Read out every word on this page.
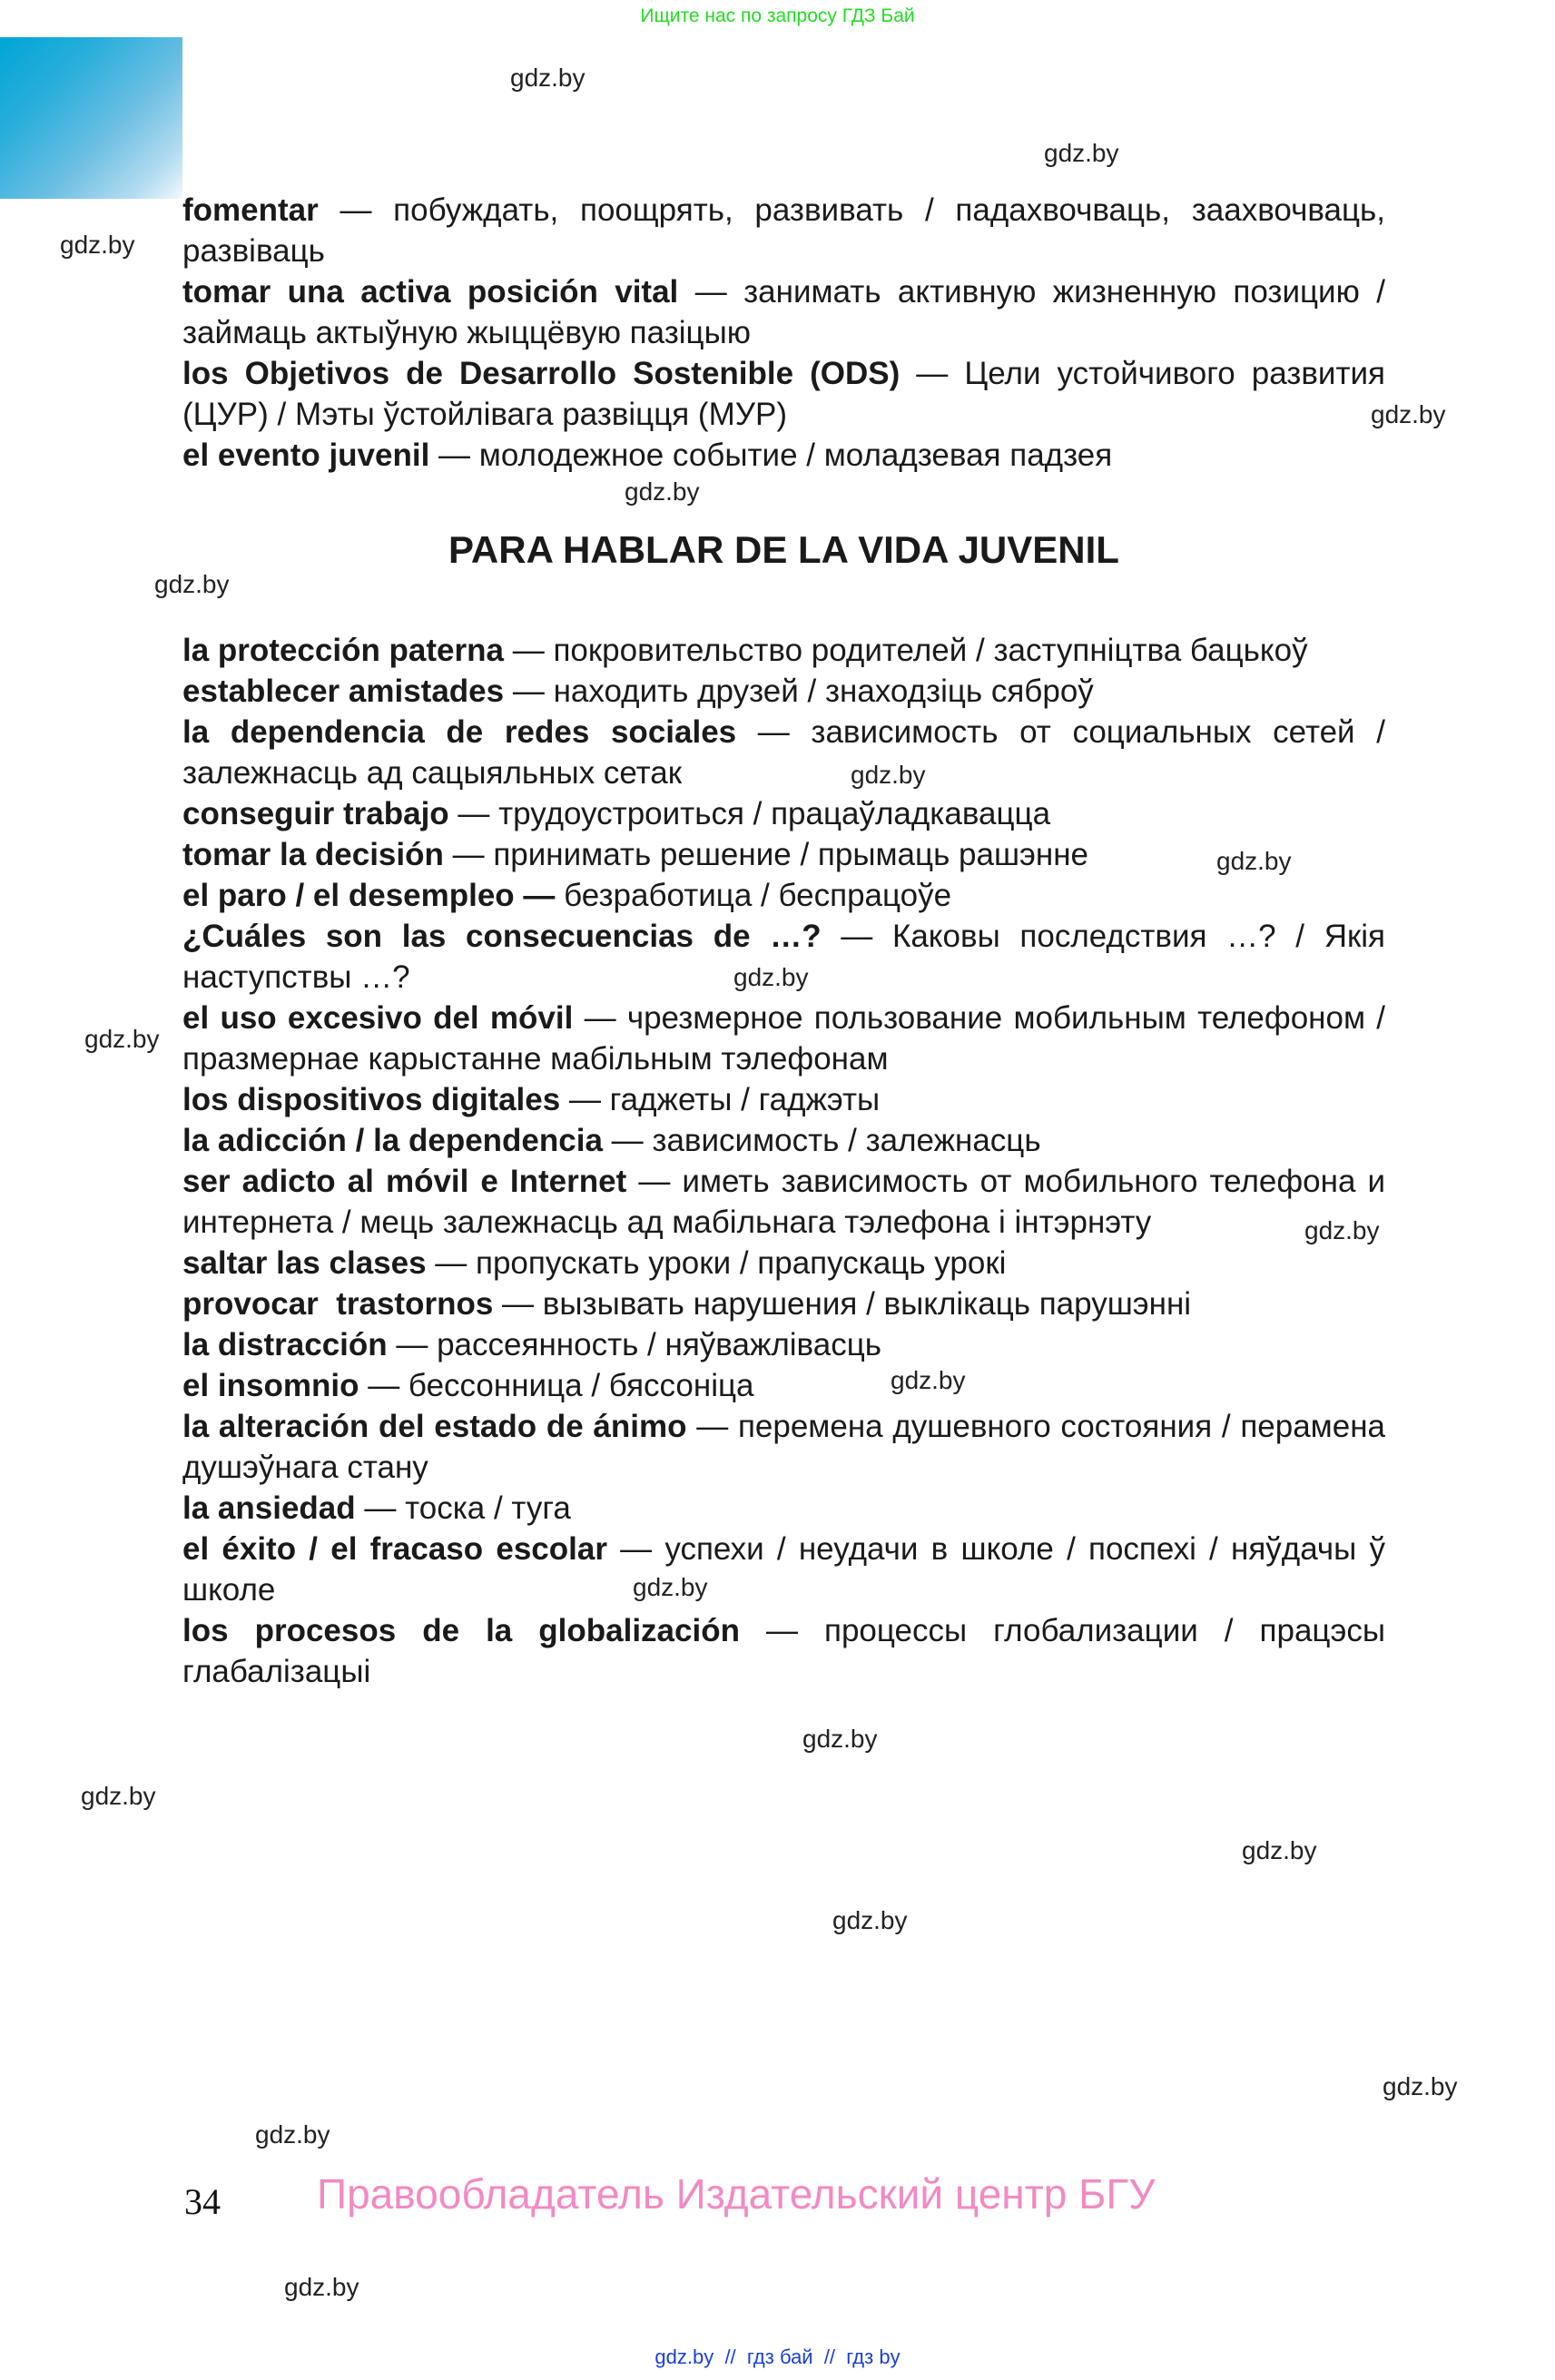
Ищите нас по запросу ГДЗ Бай
gdz.by
gdz.by
gdz.by
gdz.by
gdz.by
gdz.by
gdz.by
gdz.by
gdz.by
gdz.by
gdz.by
gdz.by
gdz.by
gdz.by
gdz.by
gdz.by
gdz.by
gdz.by
gdz.by
gdz.by
fomentar — побуждать, поощрять, развивать / падахвочваць, заахвочваць, развіваць
tomar una activa posición vital — занимать активную жизненную позицию / займаць актыўную жыццёвую пазіцыю
los Objetivos de Desarrollo Sostenible (ODS) — Цели устойчивого развития (ЦУР) / Мэты ўстойлівага развіцця (МУР)
el evento juvenil — молодежное событие / моладзевая падзея
PARA HABLAR DE LA VIDA JUVENIL
la protección paterna — покровительство родителей / заступніцтва бацькоў
establecer amistades — находить друзей / знаходзіць сяброў
la dependencia de redes sociales — зависимость от социальных сетей / залежнасць ад сацыяльных сетак
conseguir trabajo — трудоустроиться / працаўладкавацца
tomar la decisión — принимать решение / прымаць рашэнне
el paro / el desempleo — безработица / беспрацоўе
¿Cuáles son las consecuencias de …? — Каковы последствия …? / Якія наступствы …?
el uso excesivo del móvil — чрезмерное пользование мобильным телефоном / празмернае карыстанне мабільным тэлефонам
los dispositivos digitales — гаджеты / гаджэты
la adicción / la dependencia — зависимость / залежнасць
ser adicto al móvil e Internet — иметь зависимость от мобильного телефона и интернета / мець залежнасць ад мабільнага тэлефона і інтэрнэту
saltar las clases — пропускать уроки / прапускаць урокі
provocar  trastornos — вызывать нарушения / выклікаць парушэнні
la distracción — рассеянность / няўважлівасць
el insomnio — бессонница / бяссоніца
la alteración del estado de ánimo — перемена душевного состояния / перамена душэўнага стану
la ansiedad — тоска / туга
el éxito / el fracaso escolar — успехи / неудачи в школе / поспехі / няўдачы ў школе
los procesos de la globalización — процессы глобализации / працэсы глабалізацыі
34 Правообладатель Издательский центр БГУ
gdz.by  //  гдз бай  //  гдз by
